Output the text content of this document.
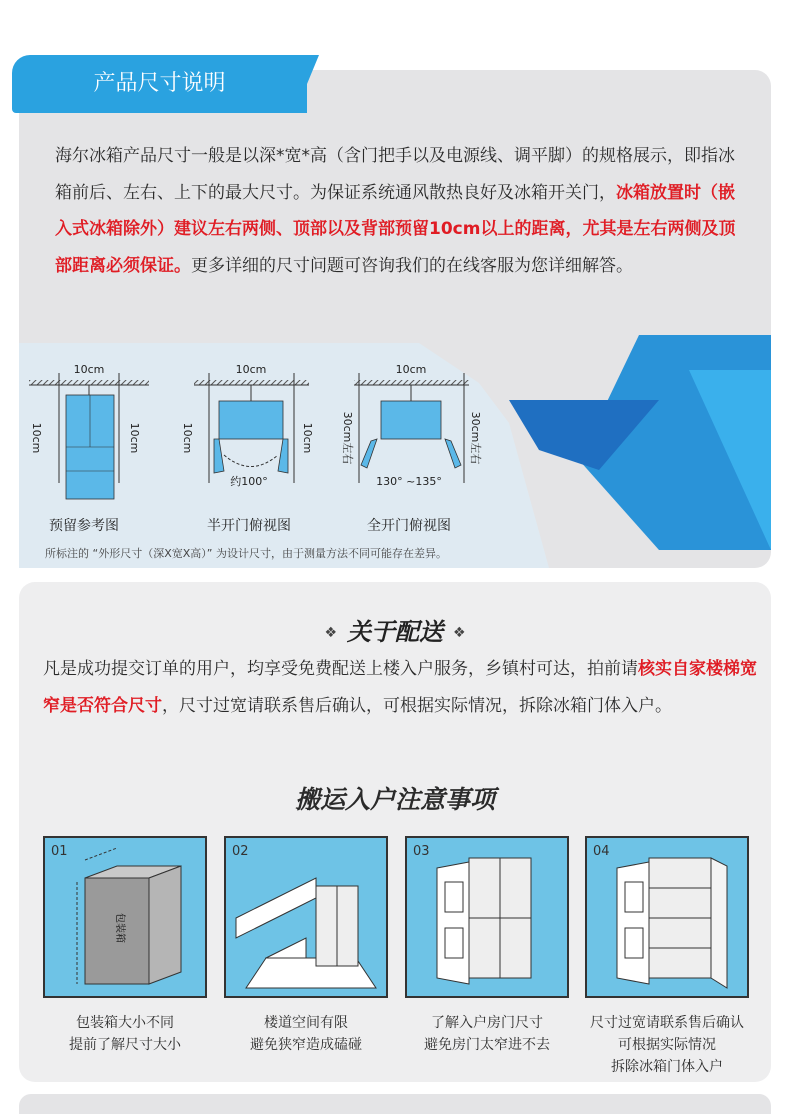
产品尺寸说明
海尔冰箱产品尺寸一般是以深*宽*高（含门把手以及电源线、调平脚）的规格展示，即指冰箱前后、左右、上下的最大尺寸。为保证系统通风散热良好及冰箱开关门，冰箱放置时（嵌入式冰箱除外）建议左右两侧、顶部以及背部预留10cm以上的距离，尤其是左右两侧及顶部距离必须保证。更多详细的尺寸问题可咨询我们的在线客服为您详细解答。
10cm
10cm	10cm
预留参考图
10cm
10cm	10cm
约100°
半开门俯视图
10cm
30cm左右	30cm左右
130° ~135°
全开门俯视图
所标注的 “外形尺寸（深X宽X高）” 为设计尺寸，由于测量方法不同可能存在差异。
❖ 关于配送 ❖
凡是成功提交订单的用户，均享受免费配送上楼入户服务，乡镇村可达，拍前请核实自家楼梯宽窄是否符合尺寸，尺寸过宽请联系售后确认，可根据实际情况，拆除冰箱门体入户。
搬运入户注意事项
01
包装箱
02	03	04
包装箱大小不同
提前了解尺寸大小
楼道空间有限
避免狭窄造成磕碰
了解入户房门尺寸
避免房门太窄进不去
尺寸过宽请联系售后确认
可根据实际情况
拆除冰箱门体入户
